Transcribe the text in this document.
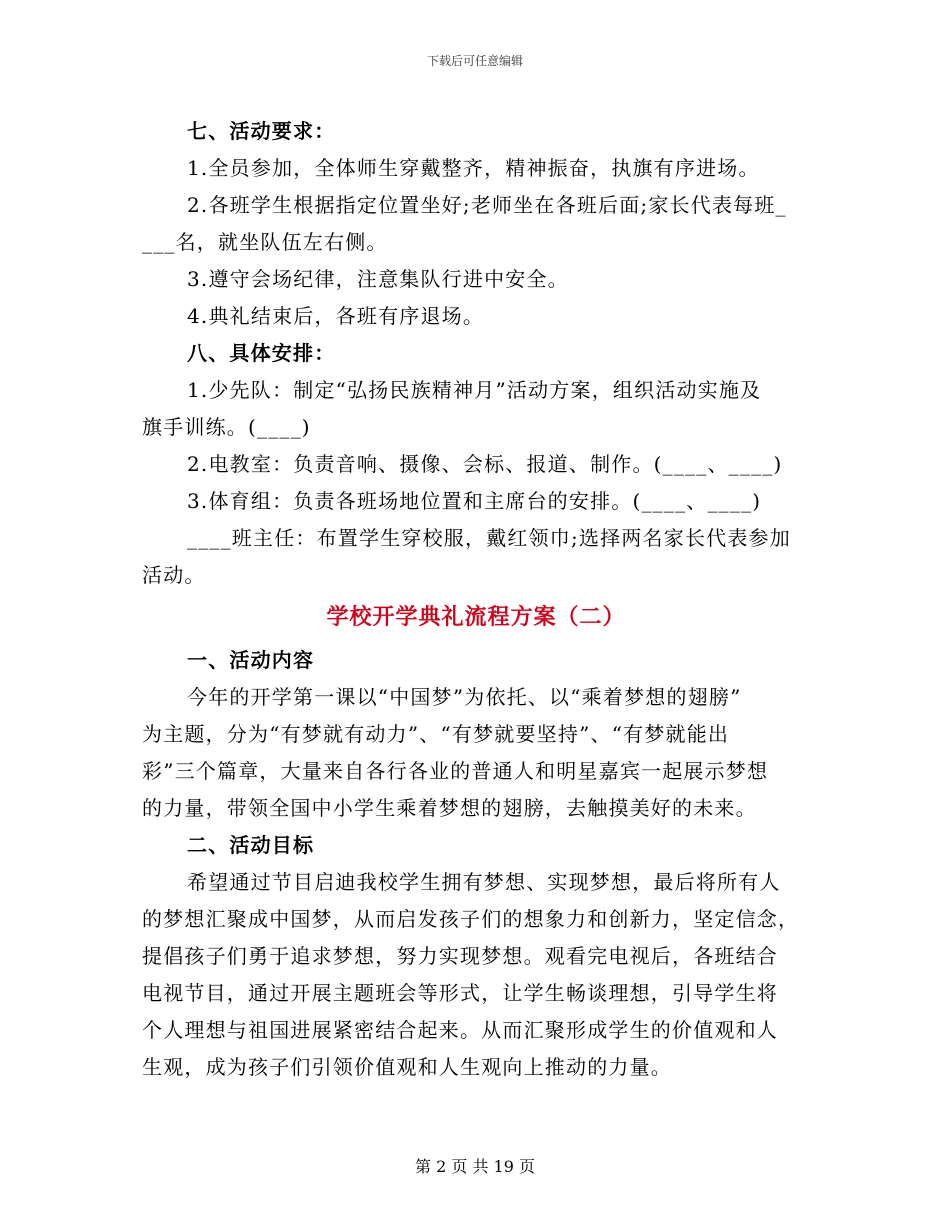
下载后可任意编辑
七、活动要求：
1.全员参加，全体师生穿戴整齐，精神振奋，执旗有序进场。
2.各班学生根据指定位置坐好;老师坐在各班后面;家长代表每班_
___名，就坐队伍左右侧。
3.遵守会场纪律，注意集队行进中安全。
4.典礼结束后，各班有序退场。
八、具体安排：
1.少先队：制定“弘扬民族精神月”活动方案，组织活动实施及
旗手训练。(____)
2.电教室：负责音响、摄像、会标、报道、制作。(____、____)
3.体育组：负责各班场地位置和主席台的安排。(____、____)
____班主任：布置学生穿校服，戴红领巾;选择两名家长代表参加
活动。
学校开学典礼流程方案（二）
一、活动内容
今年的开学第一课以“中国梦”为依托、以“乘着梦想的翅膀”
为主题，分为“有梦就有动力”、“有梦就要坚持”、“有梦就能出
彩”三个篇章，大量来自各行各业的普通人和明星嘉宾一起展示梦想
的力量，带领全国中小学生乘着梦想的翅膀，去触摸美好的未来。
二、活动目标
希望通过节目启迪我校学生拥有梦想、实现梦想，最后将所有人
的梦想汇聚成中国梦，从而启发孩子们的想象力和创新力，坚定信念，
提倡孩子们勇于追求梦想，努力实现梦想。观看完电视后，各班结合
电视节目，通过开展主题班会等形式，让学生畅谈理想，引导学生将
个人理想与祖国进展紧密结合起来。从而汇聚形成学生的价值观和人
生观，成为孩子们引领价值观和人生观向上推动的力量。
第 2 页 共 19 页
